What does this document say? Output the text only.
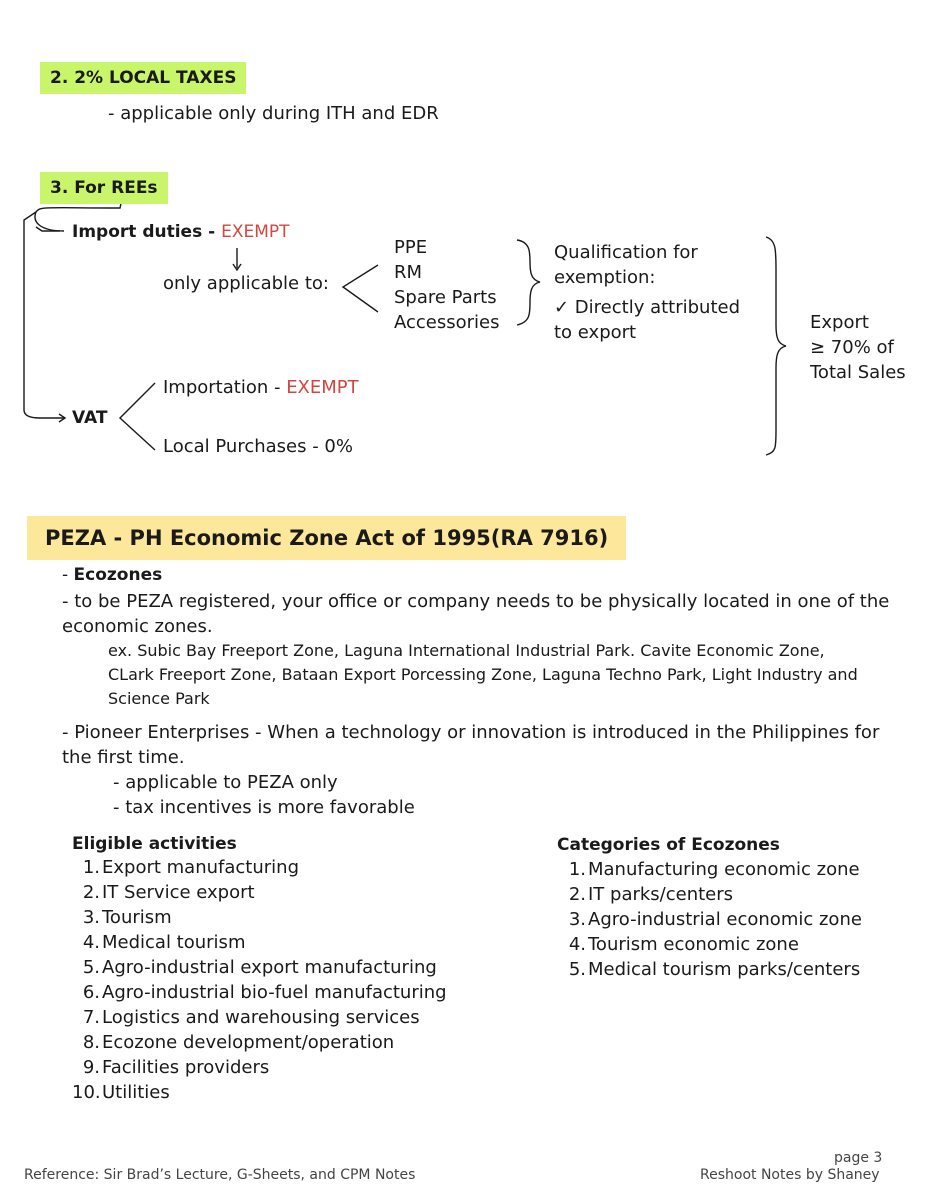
2. 2% LOCAL TAXES
- applicable only during ITH and EDR
3. For REEs
Import duties - EXEMPT
only applicable to:
PPE
RM
Spare Parts
Accessories
Qualification for
exemption:
✓ Directly attributed
to export	Export
≥ 70% of
Total Sales
VAT
Importation - EXEMPT
Local Purchases - 0%
PEZA - PH Economic Zone Act of 1995(RA 7916)
- Ecozones
- to be PEZA registered, your office or company needs to be physically located in one of the
economic zones.
ex. Subic Bay Freeport Zone, Laguna International Industrial Park. Cavite Economic Zone,
CLark Freeport Zone, Bataan Export Porcessing Zone, Laguna Techno Park, Light Industry and
Science Park
- Pioneer Enterprises - When a technology or innovation is introduced in the Philippines for
the first time.
- applicable to PEZA only
- tax incentives is more favorable
Eligible activities
1. Export manufacturing
2. IT Service export
3. Tourism
4. Medical tourism
5. Agro-industrial export manufacturing
6. Agro-industrial bio-fuel manufacturing
7. Logistics and warehousing services
8. Ecozone development/operation
9. Facilities providers
10. Utilities
Categories of Ecozones
1. Manufacturing economic zone
2. IT parks/centers
3. Agro-industrial economic zone
4. Tourism economic zone
5. Medical tourism parks/centers
Reference: Sir Brad’s Lecture, G-Sheets, and CPM Notes
page 3
Reshoot Notes by Shaney
